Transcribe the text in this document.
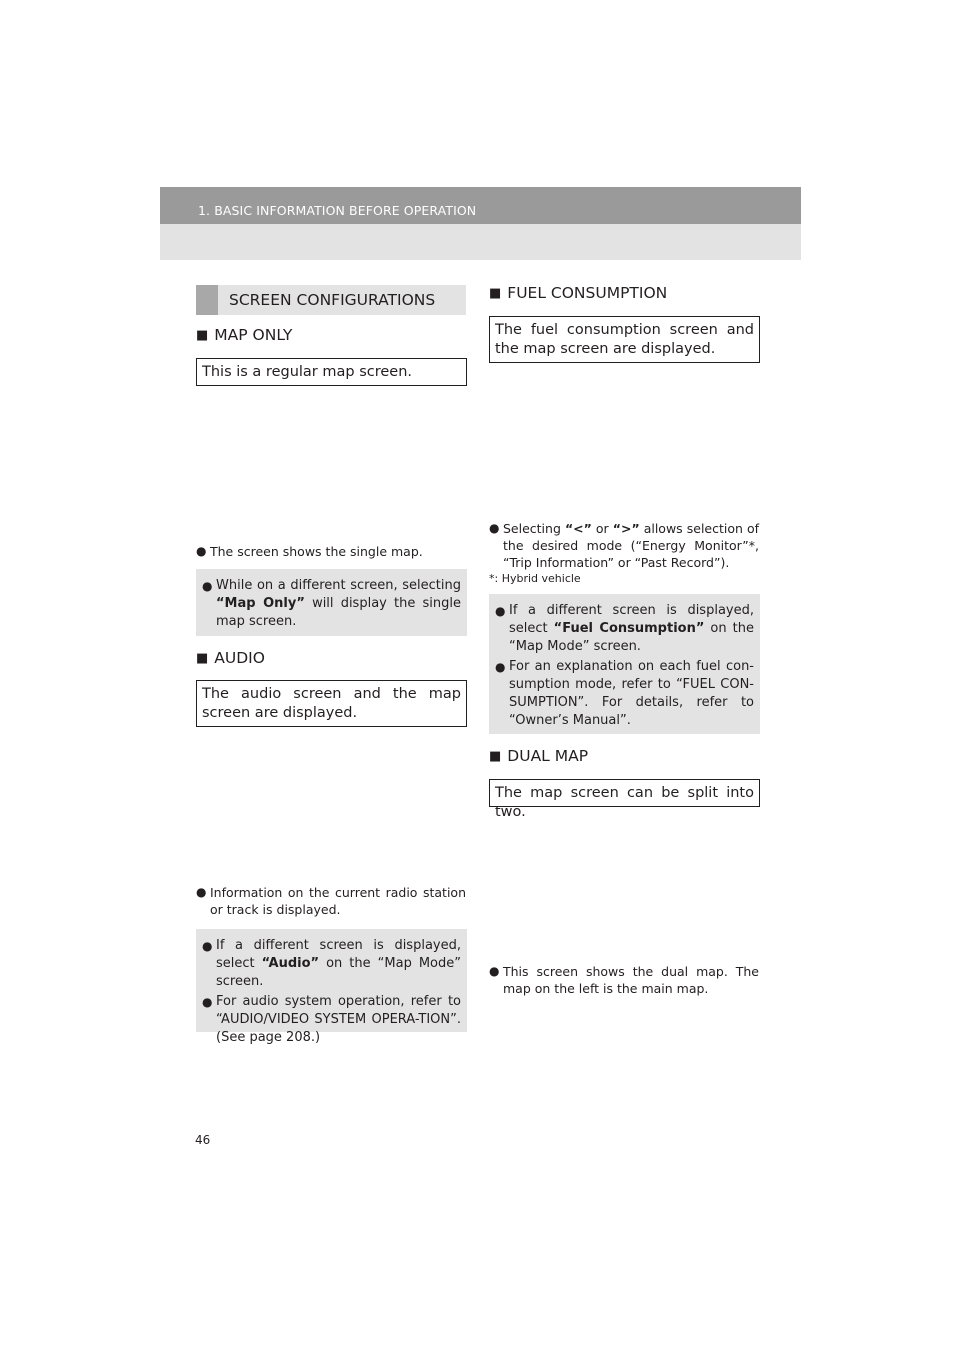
1. BASIC INFORMATION BEFORE OPERATION
SCREEN CONFIGURATIONS
■ MAP ONLY
This is a regular map screen.
● The screen shows the single map.
● While on a different screen, selecting “Map Only” will display the single map screen.
■ AUDIO
The audio screen and the map screen are displayed.
● Information on the current radio station or track is displayed.
● If a different screen is displayed, select “Audio” on the “Map Mode” screen.
● For audio system operation, refer to “AUDIO/VIDEO SYSTEM OPERA-TION”. (See page 208.)
■ FUEL CONSUMPTION
The fuel consumption screen and the map screen are displayed.
● Selecting “<” or “>” allows selection of the desired mode (“Energy Monitor”*, “Trip Information” or “Past Record”).
*: Hybrid vehicle
● If a different screen is displayed, select “Fuel Consumption” on the “Map Mode” screen.
● For an explanation on each fuel con-sumption mode, refer to “FUEL CON-SUMPTION”. For details, refer to “Owner’s Manual”.
■ DUAL MAP
The map screen can be split into two.
● This screen shows the dual map. The map on the left is the main map.
46
